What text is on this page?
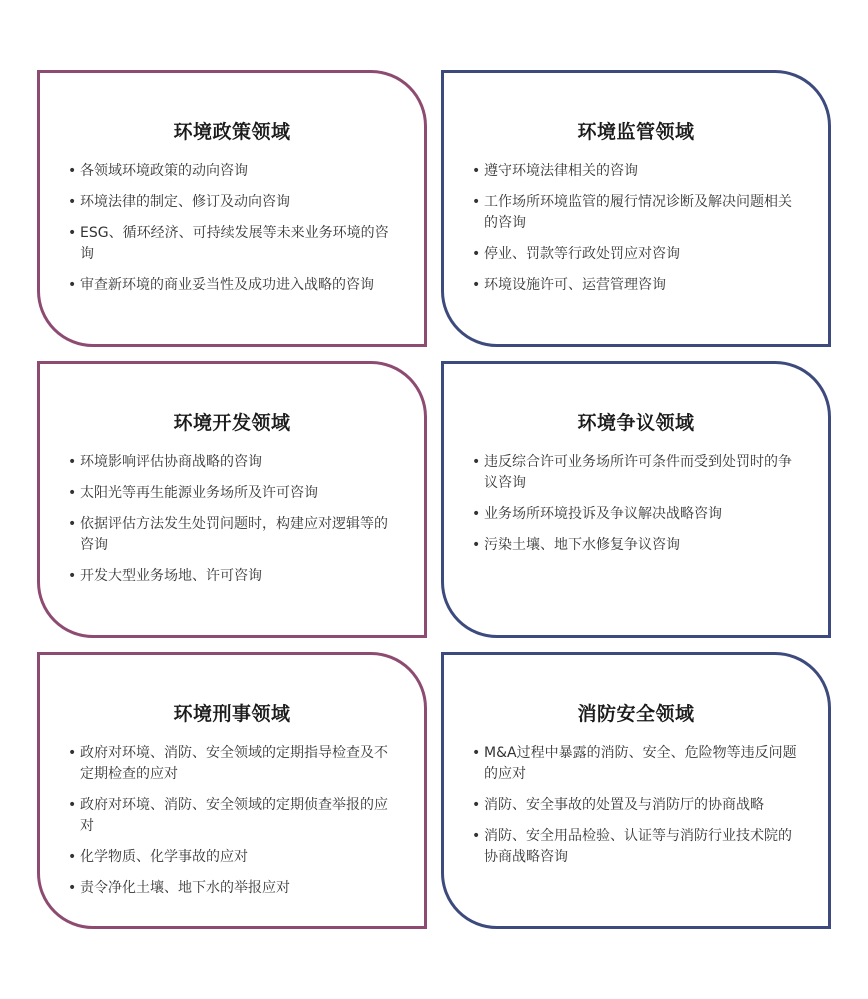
环境政策领域
• 各领域环境政策的动向咨询
• 环境法律的制定、修订及动向咨询
• ESG、循环经济、可持续发展等未来业务环境的咨询
• 审查新环境的商业妥当性及成功进入战略的咨询
环境监管领域
• 遵守环境法律相关的咨询
• 工作场所环境监管的履行情况诊断及解决问题相关的咨询
• 停业、罚款等行政处罚应对咨询
• 环境设施许可、运营管理咨询
环境开发领域
• 环境影响评估协商战略的咨询
• 太阳光等再生能源业务场所及许可咨询
• 依据评估方法发生处罚问题时，构建应对逻辑等的咨询
• 开发大型业务场地、许可咨询
环境争议领域
• 违反综合许可业务场所许可条件而受到处罚时的争议咨询
• 业务场所环境投诉及争议解决战略咨询
• 污染土壤、地下水修复争议咨询
环境刑事领域
• 政府对环境、消防、安全领域的定期指导检查及不定期检查的应对
• 政府对环境、消防、安全领域的定期侦查举报的应对
• 化学物质、化学事故的应对
• 责令净化土壤、地下水的举报应对
消防安全领域
• M&A过程中暴露的消防、安全、危险物等违反问题的应对
• 消防、安全事故的处置及与消防厅的协商战略
• 消防、安全用品检验、认证等与消防行业技术院的协商战略咨询
